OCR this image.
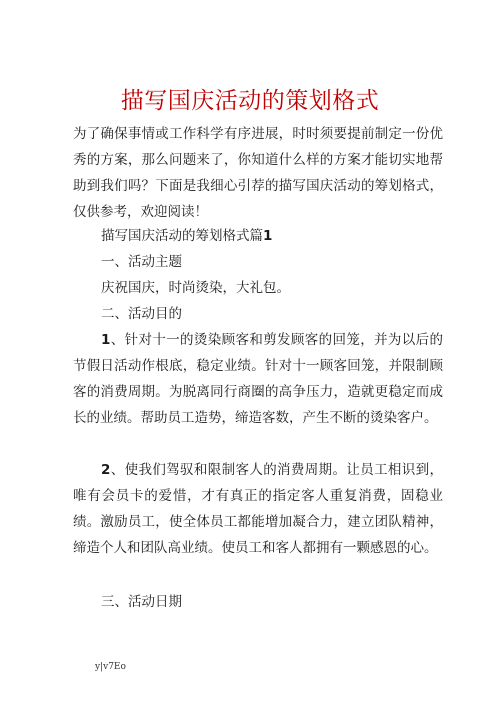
描写国庆活动的策划格式

为了确保事情或工作科学有序进展，时时须要提前制定一份优秀的方案，那么问题来了，你知道什么样的方案才能切实地帮助到我们吗？下面是我细心引荐的描写国庆活动的筹划格式，仅供参考，欢迎阅读！

描写国庆活动的筹划格式篇1
一、活动主题
庆祝国庆，时尚烫染，大礼包。
二、活动目的

1、针对十一的烫染顾客和剪发顾客的回笼，并为以后的节假日活动作根底，稳定业绩。针对十一顾客回笼，并限制顾客的消费周期。为脱离同行商圈的高争压力，造就更稳定而成长的业绩。帮助员工造势，缔造客数，产生不断的烫染客户。

2、使我们驾驭和限制客人的消费周期。让员工相识到，唯有会员卡的爱惜，才有真正的指定客人重复消费，固稳业绩。激励员工，使全体员工都能增加凝合力，建立团队精神，缔造个人和团队高业绩。使员工和客人都拥有一颗感恩的心。

三、活动日期
y|v7Eo
